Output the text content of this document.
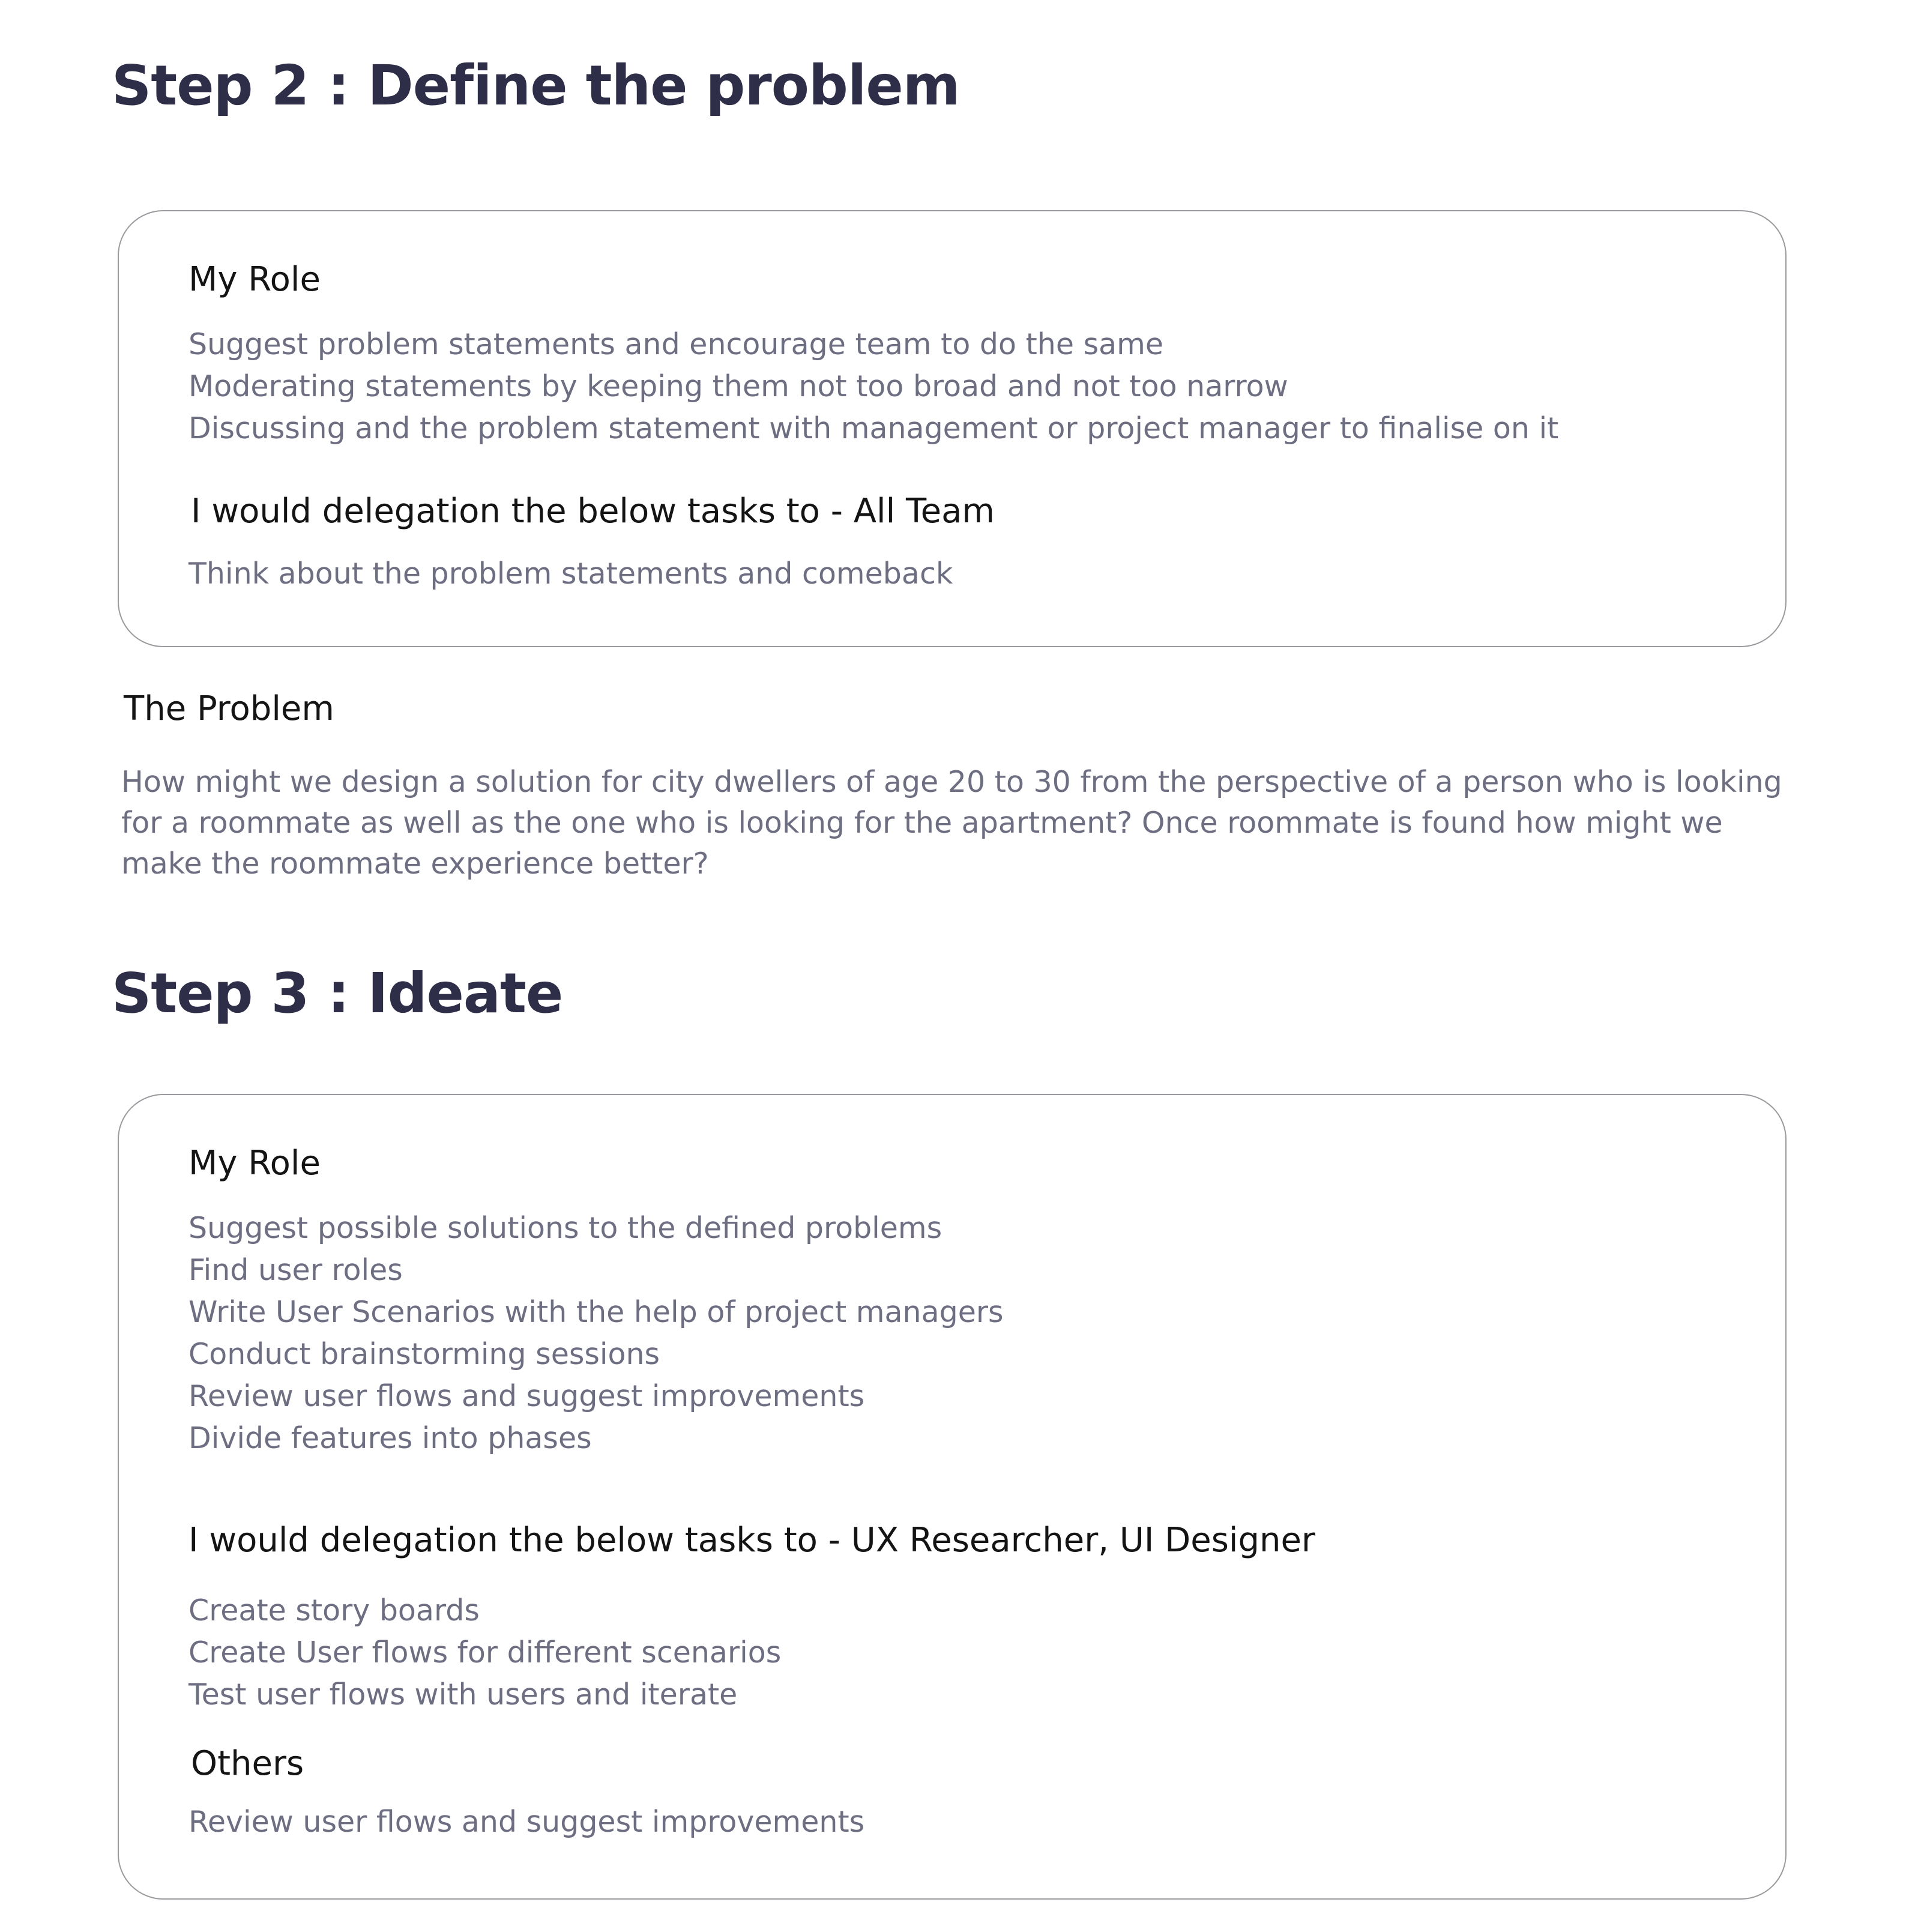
Step 2 : Define the problem
My Role
Suggest problem statements and encourage team to do the same
Moderating statements by keeping them not too broad and not too narrow
Discussing and the problem statement with management or project manager to finalise on it
I would delegation the below tasks to - All Team
Think about the problem statements and comeback
The Problem

How might we design a solution for city dwellers of age 20 to 30 from the perspective of a person who is looking for a roommate as well as the one who is looking for the apartment? Once roommate is found how might we make the roommate experience better?

Step 3 : Ideate
My Role
Suggest possible solutions to the defined problems
Find user roles
Write User Scenarios with the help of project managers
Conduct brainstorming sessions
Review user flows and suggest improvements
Divide features into phases
I would delegation the below tasks to - UX Researcher, UI Designer
Create story boards
Create User flows for different scenarios
Test user flows with users and iterate
Others
Review user flows and suggest improvements
